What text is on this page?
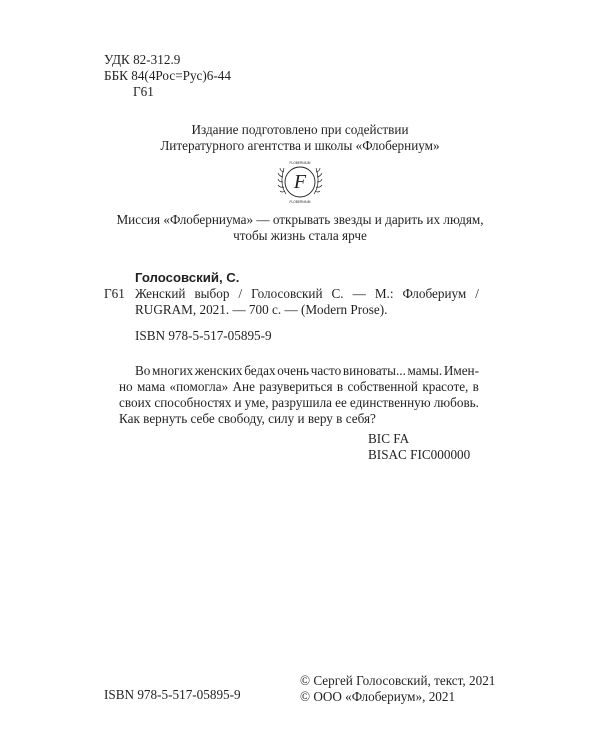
УДК 82-312.9
ББК 84(4Рос=Рус)6-44
Г61
Издание подготовлено при содействии
Литературного агентства и школы «Флоберниум»
F
FLOBERNIUM
FLOBERNIUM
Миссия «Флоберниума» — открывать звезды и дарить их людям,
чтобы жизнь стала ярче
Голосовский, С.
Г61 Женский выбор / Голосовский С. — М.: Флобериум /
RUGRAM, 2021. — 700 с. — (Modern Prose).
ISBN 978-5-517-05895-9
Во многих женских бедах очень часто виноваты... мамы. Имен-
но мама «помогла» Ане разувериться в собственной красоте, в
своих способностях и уме, разрушила ее единственную любовь.
Как вернуть себе свободу, силу и веру в себя?
BIC FA
BISAC FIC000000
ISBN 978-5-517-05895-9
© Сергей Голосовский, текст, 2021
© ООО «Флобериум», 2021
